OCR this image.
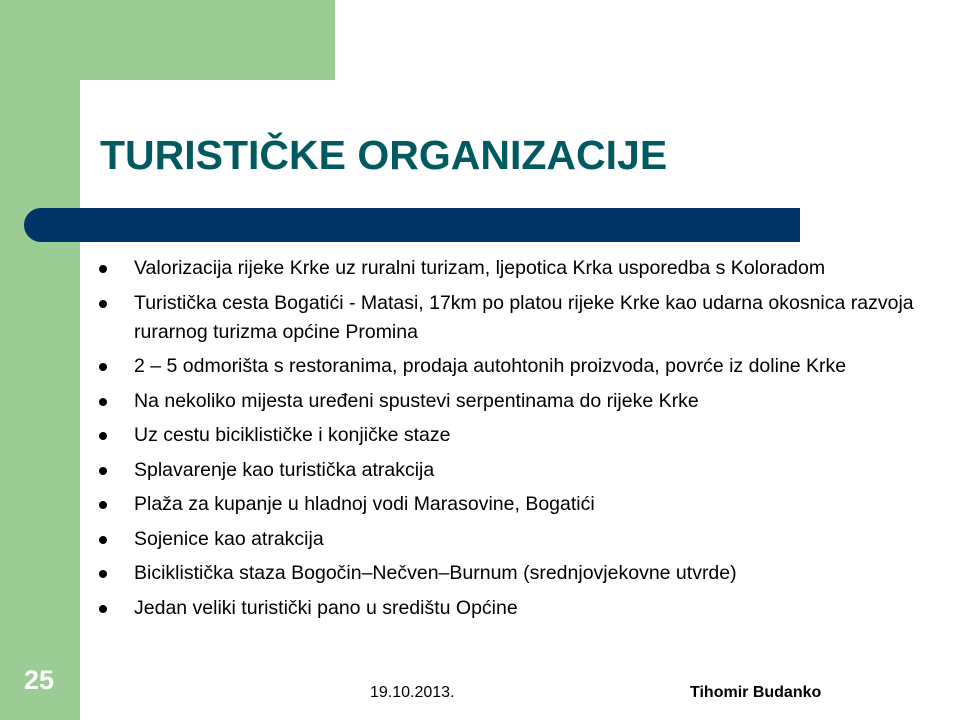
TURISTIČKE ORGANIZACIJE
Valorizacija rijeke Krke uz ruralni turizam, ljepotica Krka usporedba s Koloradom
Turistička cesta Bogatići - Matasi, 17km po platou rijeke Krke kao udarna okosnica razvoja rurarnog turizma općine Promina
2 – 5 odmorišta s restoranima, prodaja autohtonih proizvoda, povrće iz doline Krke
Na nekoliko mijesta uređeni spustevi serpentinama do rijeke Krke
Uz cestu biciklističke i konjičke staze
Splavarenje kao turistička atrakcija
Plaža za kupanje u hladnoj vodi Marasovine, Bogatići
Sojenice kao atrakcija
Biciklistička staza Bogočin–Nečven–Burnum (srednjovjekovne utvrde)
Jedan veliki turistički pano u središtu Općine
25	19.10.2013.	Tihomir Budanko
